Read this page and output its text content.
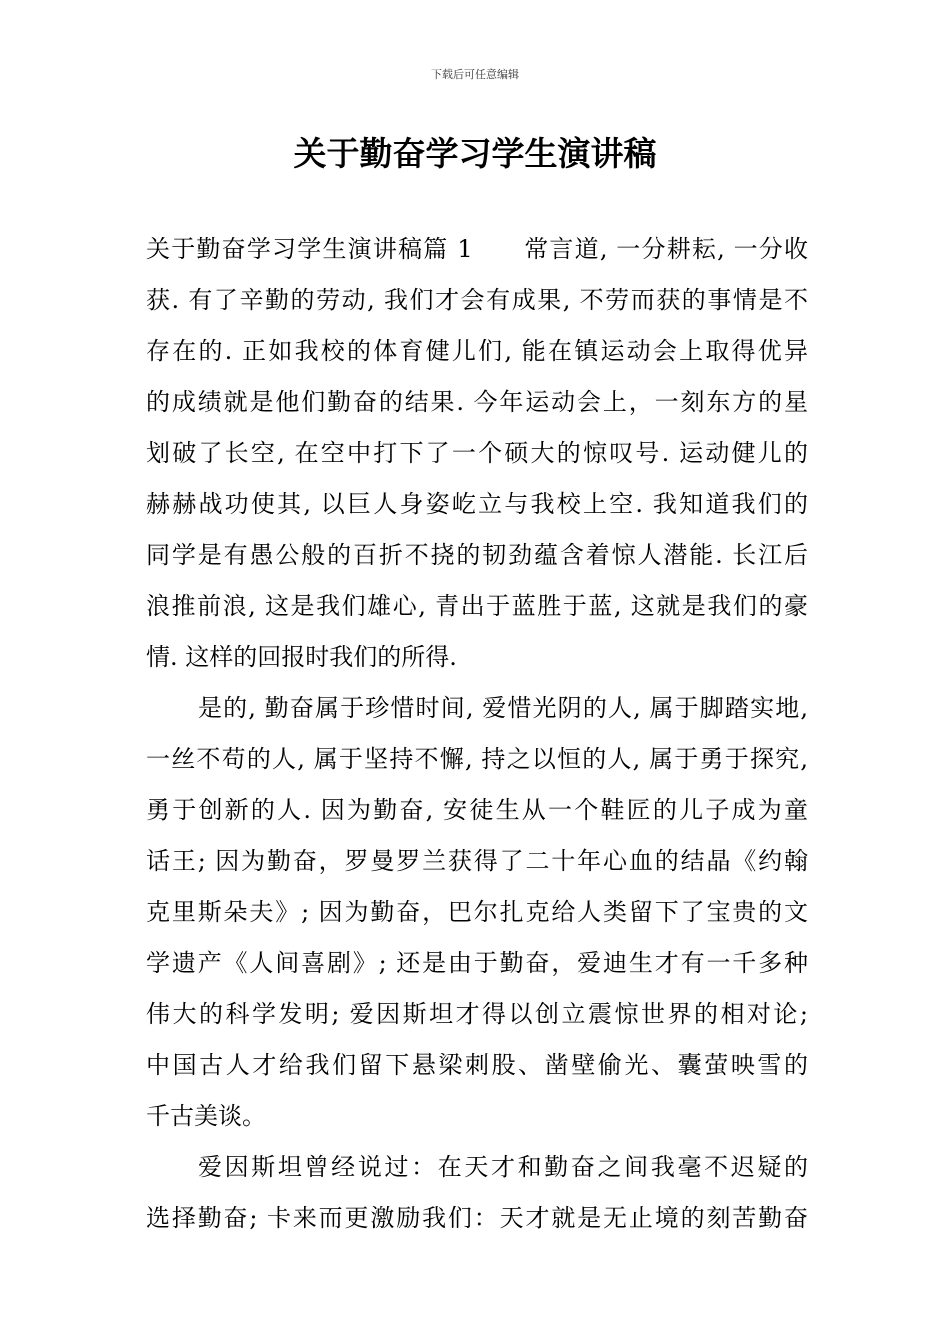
下载后可任意编辑
关于勤奋学习学生演讲稿
关于勤奋学习学生演讲稿篇 1　　常言道, 一分耕耘, 一分收
获. 有了辛勤的劳动, 我们才会有成果, 不劳而获的事情是不
存在的. 正如我校的体育健儿们, 能在镇运动会上取得优异
的成绩就是他们勤奋的结果. 今年运动会上，一刻东方的星
划破了长空, 在空中打下了一个硕大的惊叹号. 运动健儿的
赫赫战功使其, 以巨人身姿屹立与我校上空. 我知道我们的
同学是有愚公般的百折不挠的韧劲蕴含着惊人潜能. 长江后
浪推前浪, 这是我们雄心, 青出于蓝胜于蓝, 这就是我们的豪
情. 这样的回报时我们的所得.
是的, 勤奋属于珍惜时间, 爱惜光阴的人, 属于脚踏实地,
一丝不苟的人, 属于坚持不懈, 持之以恒的人, 属于勇于探究,
勇于创新的人. 因为勤奋, 安徒生从一个鞋匠的儿子成为童
话王; 因为勤奋，罗曼罗兰获得了二十年心血的结晶《约翰
克里斯朵夫》; 因为勤奋，巴尔扎克给人类留下了宝贵的文
学遗产《人间喜剧》; 还是由于勤奋，爱迪生才有一千多种
伟大的科学发明; 爱因斯坦才得以创立震惊世界的相对论;
中国古人才给我们留下悬梁刺股、凿壁偷光、囊萤映雪的
千古美谈。
爱因斯坦曾经说过：在天才和勤奋之间我毫不迟疑的
选择勤奋; 卡来而更激励我们：天才就是无止境的刻苦勤奋
